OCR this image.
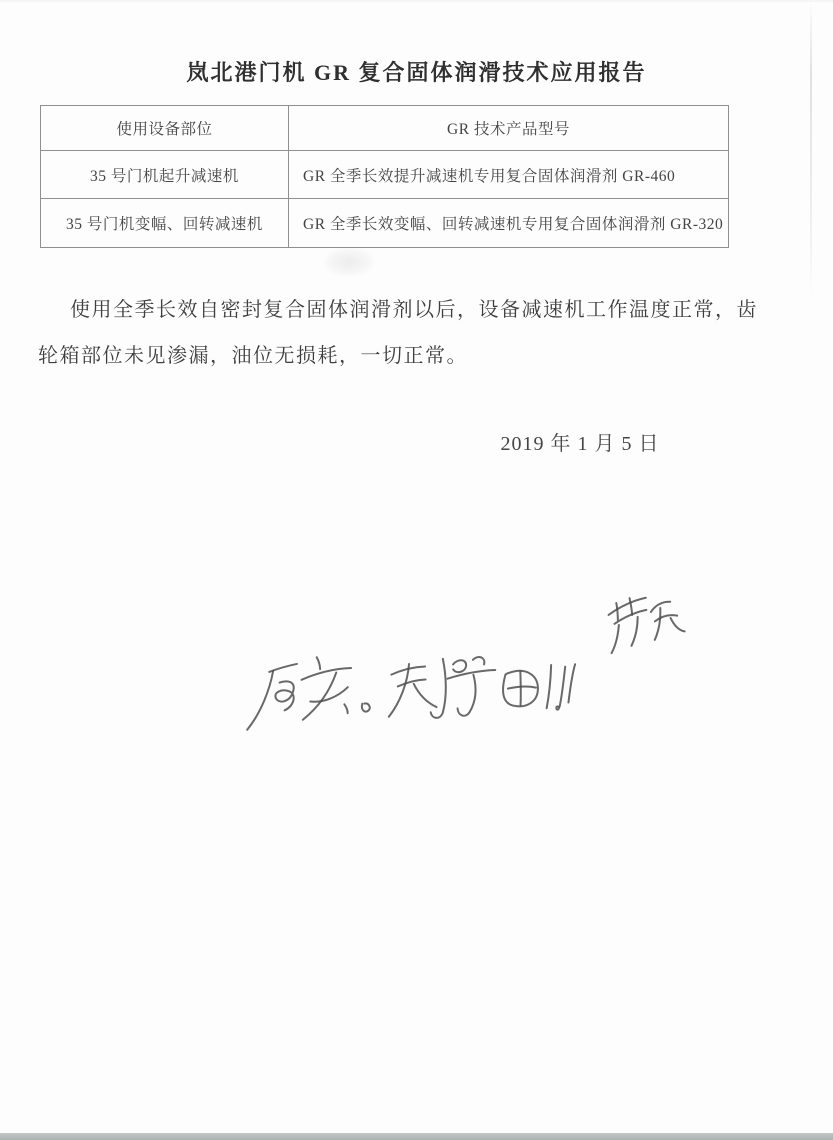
岚北港门机 GR 复合固体润滑技术应用报告
使用设备部位	GR 技术产品型号
35 号门机起升减速机	GR 全季长效提升减速机专用复合固体润滑剂 GR-460
35 号门机变幅、回转减速机	GR 全季长效变幅、回转减速机专用复合固体润滑剂 GR-320
使用全季长效自密封复合固体润滑剂以后，设备减速机工作温度正常，齿
轮箱部位未见渗漏，油位无损耗，一切正常。
2019 年 1 月 5 日
